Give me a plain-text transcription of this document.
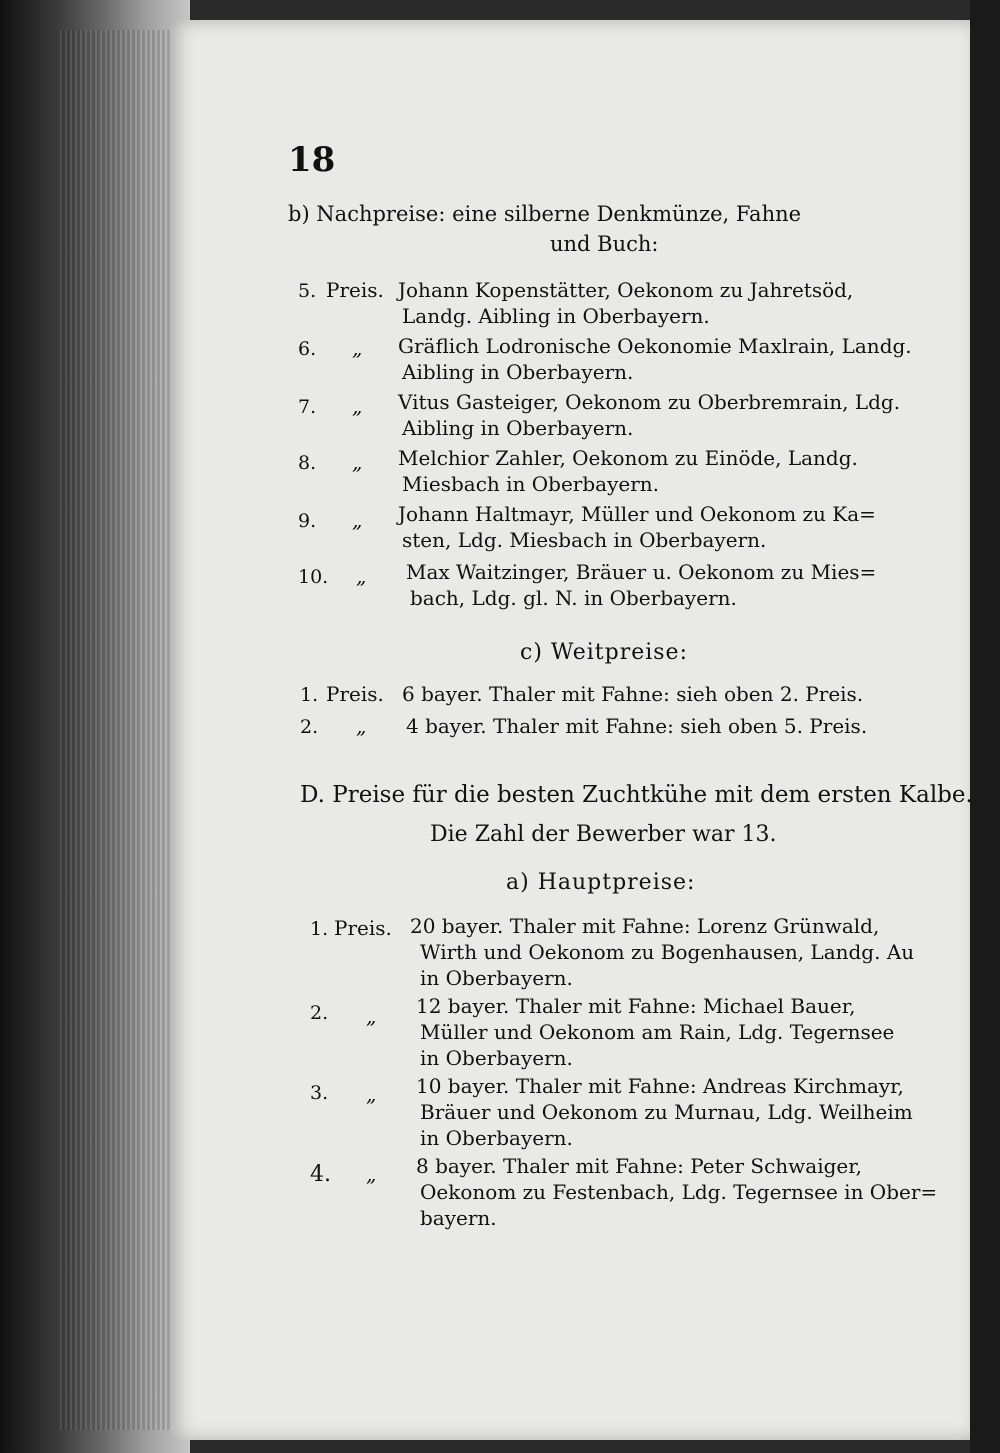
18
b) Nachpreise: eine silberne Denkmünze, Fahne
und Buch:
5. Preis. Johann Kopenstätter, Oekonom zu Jahretsöd,
Landg. Aibling in Oberbayern.
6. „ Gräflich Lodronische Oekonomie Maxlrain, Landg.
Aibling in Oberbayern.
7. „ Vitus Gasteiger, Oekonom zu Oberbremrain, Ldg.
Aibling in Oberbayern.
8. „ Melchior Zahler, Oekonom zu Einöde, Landg.
Miesbach in Oberbayern.
9. „ Johann Haltmayr, Müller und Oekonom zu Ka=
sten, Ldg. Miesbach in Oberbayern.
10. „ Max Waitzinger, Bräuer u. Oekonom zu Mies=
bach, Ldg. gl. N. in Oberbayern.
c) Weitpreise:
1. Preis. 6 bayer. Thaler mit Fahne: sieh oben 2. Preis.
2. „ 4 bayer. Thaler mit Fahne: sieh oben 5. Preis.
D. Preise für die besten Zuchtkühe mit dem ersten Kalbe.
Die Zahl der Bewerber war 13.
a) Hauptpreise:
1. Preis. 20 bayer. Thaler mit Fahne: Lorenz Grünwald,
Wirth und Oekonom zu Bogenhausen, Landg. Au
in Oberbayern.
2. „ 12 bayer. Thaler mit Fahne: Michael Bauer,
Müller und Oekonom am Rain, Ldg. Tegernsee
in Oberbayern.
3. „ 10 bayer. Thaler mit Fahne: Andreas Kirchmayr,
Bräuer und Oekonom zu Murnau, Ldg. Weilheim
in Oberbayern.
4. „ 8 bayer. Thaler mit Fahne: Peter Schwaiger,
Oekonom zu Festenbach, Ldg. Tegernsee in Ober=
bayern.
